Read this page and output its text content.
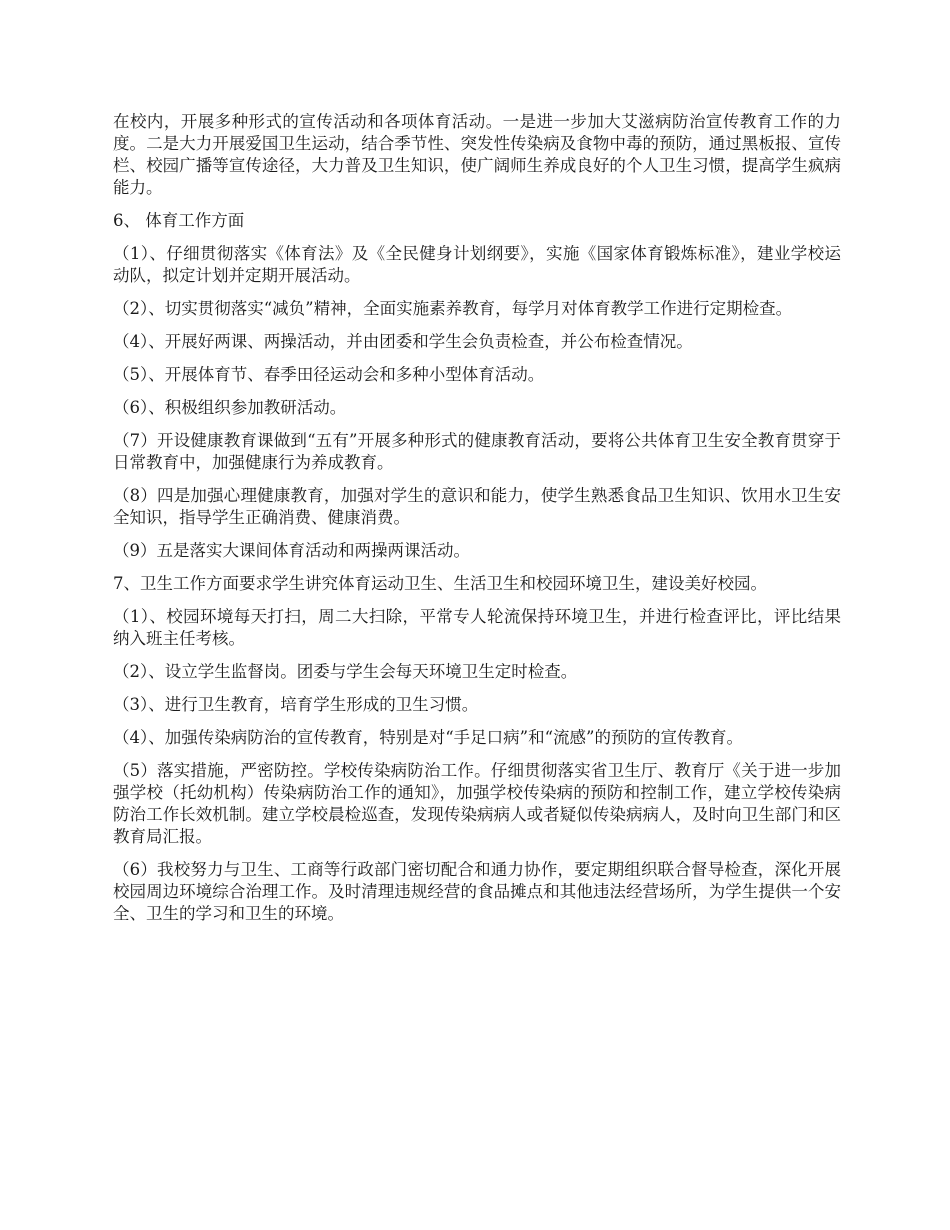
在校内，开展多种形式的宣传活动和各项体育活动。一是进一步加大艾滋病防治宣传教育工作的力度。二是大力开展爱国卫生运动，结合季节性、突发性传染病及食物中毒的预防，通过黑板报、宣传栏、校园广播等宣传途径，大力普及卫生知识，使广阔师生养成良好的个人卫生习惯，提高学生疯病能力。

6、 体育工作方面

（1）、仔细贯彻落实《体育法》及《全民健身计划纲要》，实施《国家体育锻炼标准》，建业学校运动队，拟定计划并定期开展活动。

（2）、切实贯彻落实“减负”精神，全面实施素养教育，每学月对体育教学工作进行定期检查。

（4）、开展好两课、两操活动，并由团委和学生会负责检查，并公布检查情况。

（5）、开展体育节、春季田径运动会和多种小型体育活动。

（6）、积极组织参加教研活动。

（7）开设健康教育课做到“五有”开展多种形式的健康教育活动，要将公共体育卫生安全教育贯穿于日常教育中，加强健康行为养成教育。

（8）四是加强心理健康教育，加强对学生的意识和能力，使学生熟悉食品卫生知识、饮用水卫生安全知识，指导学生正确消费、健康消费。

（9）五是落实大课间体育活动和两操两课活动。

7、卫生工作方面要求学生讲究体育运动卫生、生活卫生和校园环境卫生，建设美好校园。

（1）、校园环境每天打扫，周二大扫除，平常专人轮流保持环境卫生，并进行检查评比，评比结果纳入班主任考核。

（2）、设立学生监督岗。团委与学生会每天环境卫生定时检查。

（3）、进行卫生教育，培育学生形成的卫生习惯。

（4）、加强传染病防治的宣传教育，特别是对“手足口病”和“流感”的预防的宣传教育。

（5）落实措施，严密防控。学校传染病防治工作。仔细贯彻落实省卫生厅、教育厅《关于进一步加强学校（托幼机构）传染病防治工作的通知》，加强学校传染病的预防和控制工作，建立学校传染病防治工作长效机制。建立学校晨检巡查，发现传染病病人或者疑似传染病病人，及时向卫生部门和区教育局汇报。

（6）我校努力与卫生、工商等行政部门密切配合和通力协作，要定期组织联合督导检查，深化开展校园周边环境综合治理工作。及时清理违规经营的食品摊点和其他违法经营场所，为学生提供一个安全、卫生的学习和卫生的环境。
